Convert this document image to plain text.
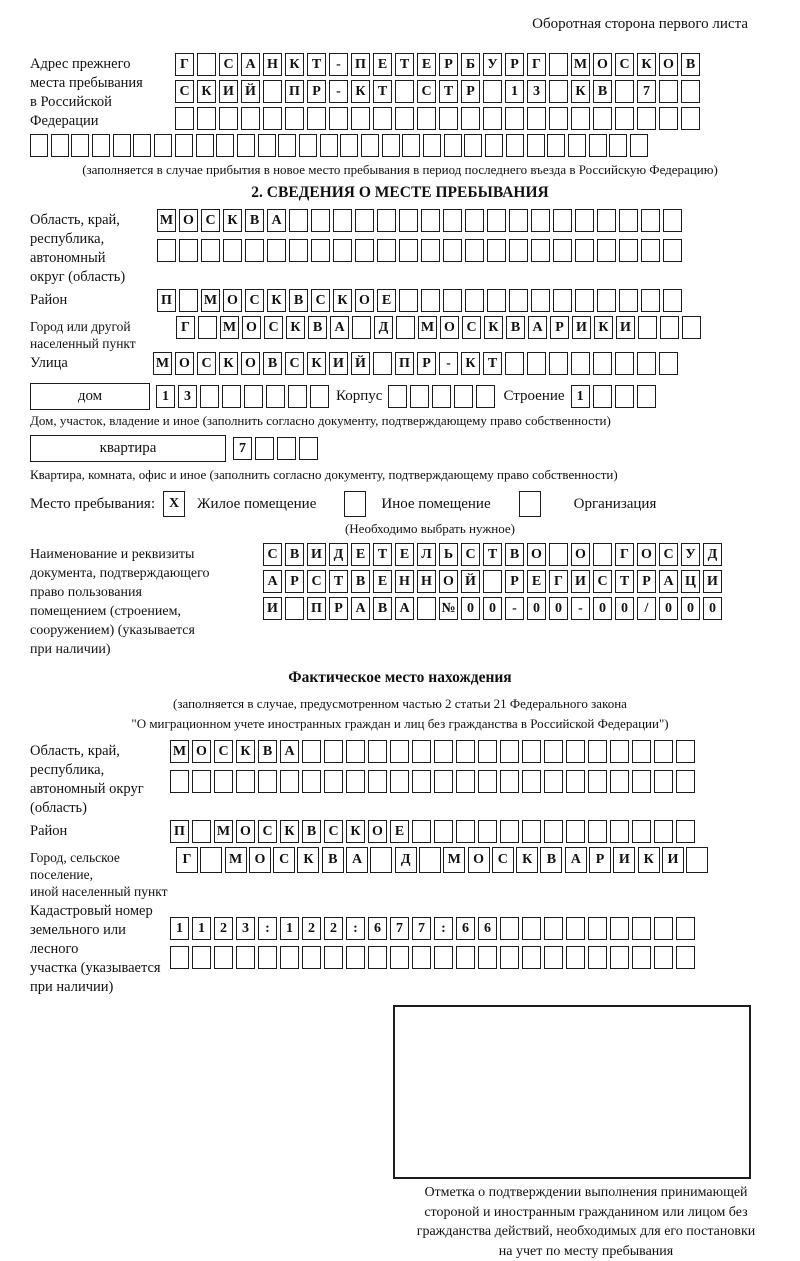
Оборотная сторона первого листа
Адрес прежнего
места пребывания
в Российской
Федерации
Г	С А Н К Т	-	П Е Т Е Р Б У Р Г	М О С К О В
С К И Й П Р	-	К Т	С Т Р	1	3	К В	7
(заполняется в случае прибытия в новое место пребывания в период последнего въезда в Российскую Федерацию)
2. СВЕДЕНИЯ О МЕСТЕ ПРЕБЫВАНИЯ
Область, край,
республика,
автономный
округ (область)
М О С К В А
Район	П М О С К В С К О Е
Город или другой
населенный пункт
Г	М О С К В А	Д	М О С К В А Р И К И
Улица	М О С К О В С К И Й П Р	-	К Т
дом	1	3	Корпус	Строение 1
Дом, участок, владение и иное (заполнить согласно документу, подтверждающему право собственности)
квартира	7
Квартира, комната, офис и иное (заполнить согласно документу, подтверждающему право собственности)
Место пребывания: X	Жилое помещение	Иное помещение	Организация
(Необходимо выбрать нужное)
Наименование и реквизиты
документа, подтверждающего
право пользования
помещением (строением,
сооружением) (указывается
при наличии)
С В И Д Е Т Е Л Ь С Т В О О	Г О С У Д
А Р С Т В Е Н Н О Й	Р Е Г И С Т Р А Ц И
И П Р А В А	№ 0	0	-	0	0	-	0	0	/	0	0	0
Фактическое место нахождения
(заполняется в случае, предусмотренном частью 2 статьи 21 Федерального закона
"О миграционном учете иностранных граждан и лиц без гражданства в Российской Федерации")
Область, край,
республика,
автономный округ
(область)
М О С К В А
Район	П М О С К В С К О Е
Город, сельское поселение,
иной населенный пункт
Г	М О С	К	В	А	Д	М О С	К	В	А	Р	И К И
Кадастровый номер
земельного или лесного
участка (указывается
при наличии)
1	1	2	3	:	1	2	2	:	6	7	7	:	6	6
Отметка о подтверждении выполнения принимающей
стороной и иностранным гражданином или лицом без
гражданства действий, необходимых для его постановки
на учет по месту пребывания
